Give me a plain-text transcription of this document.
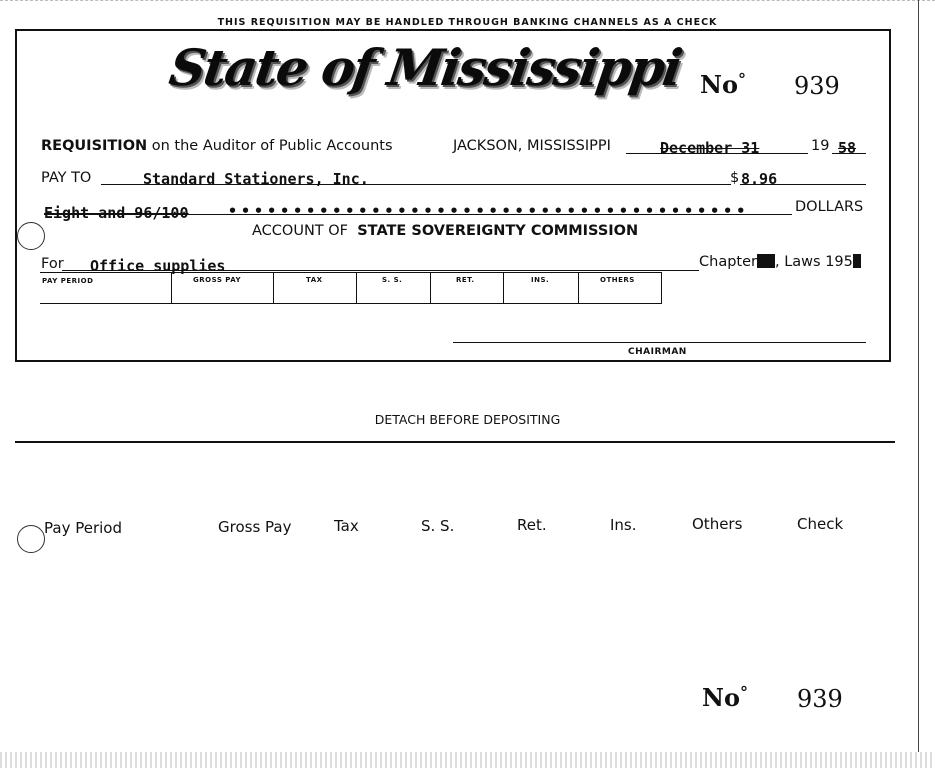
THIS REQUISITION MAY BE HANDLED THROUGH BANKING CHANNELS AS A CHECK
State of Mississippi No° 939
REQUISITION on the Auditor of Public Accounts	JACKSON, MISSISSIPPI	December 31	19 58
PAY TO	Standard Stationers, Inc.	$ 8.96
Eight and 96/100	••••••••••••••••••••••••••••••••••••••••	DOLLARS
ACCOUNT OF STATE SOVEREIGNTY COMMISSION
For Office supplies	Chapter , Laws 195
PAY PERIOD	GROSS PAY	TAX	S. S.	RET.	INS.	OTHERS
CHAIRMAN
DETACH BEFORE DEPOSITING
Pay Period	Gross Pay	Tax	S. S.	Ret.	Ins.	Others	Check
No° 939
